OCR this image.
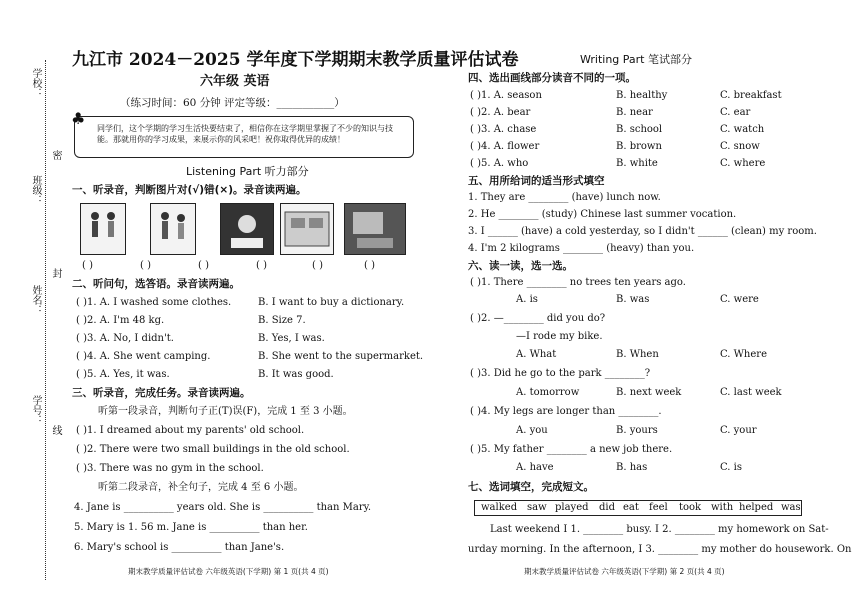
学校：
班级：
姓名：
学号：
密
封
线
九江市 2024－2025 学年度下学期期末教学质量评估试卷
六年级 英语
（练习时间：60 分钟 评定等级：___________）
♣
同学们，这个学期的学习生活快要结束了，相信你在这学期里掌握了不少的知识与技能。那就用你的学习成果，来展示你的风采吧！祝你取得优异的成绩！
Listening Part 听力部分
一、听录音，判断图片对(√)错(×)。录音读两遍。
( )	( )	( )	( )	( )	( )
二、听问句，选答语。录音读两遍。
( )1. A. I washed some clothes.	B. I want to buy a dictionary.
( )2. A. I'm 48 kg.	B. Size 7.
( )3. A. No, I didn't.	B. Yes, I was.
( )4. A. She went camping.	B. She went to the supermarket.
( )5. A. Yes, it was.	B. It was good.
三、听录音，完成任务。录音读两遍。
听第一段录音，判断句子正(T)误(F)，完成 1 至 3 小题。
( )1. I dreamed about my parents' old school.
( )2. There were two small buildings in the old school.
( )3. There was no gym in the school.
听第二段录音，补全句子，完成 4 至 6 小题。
4. Jane is __________ years old. She is __________ than Mary.
5. Mary is 1. 56 m. Jane is __________ than her.
6. Mary's school is __________ than Jane's.
期末教学质量评估试卷 六年级英语(下学期) 第 1 页(共 4 页)
Writing Part 笔试部分
四、选出画线部分读音不同的一项。
( )1. A. season	B. healthy	C. breakfast
( )2. A. bear	B. near	C. ear
( )3. A. chase	B. school	C. watch
( )4. A. flower	B. brown	C. snow
( )5. A. who	B. white	C. where
五、用所给词的适当形式填空
1. They are ________ (have) lunch now.
2. He ________ (study) Chinese last summer vocation.
3. I ______ (have) a cold yesterday, so I didn't ______ (clean) my room.
4. I'm 2 kilograms ________ (heavy) than you.
六、读一读，选一选。
( )1. There ________ no trees ten years ago.
A. is	B. was	C. were
( )2. —________ did you do?
—I rode my bike.
A. What	B. When	C. Where
( )3. Did he go to the park ________?
A. tomorrow	B. next week	C. last week
( )4. My legs are longer than ________.
A. you	B. yours	C. your
( )5. My father ________ a new job there.
A. have	B. has	C. is
七、选词填空，完成短文。
walked saw played did eat feel took with helped was
Last weekend I 1. ________ busy. I 2. ________ my homework on Sat-
urday morning. In the afternoon, I 3. ________ my mother do housework. On
期末教学质量评估试卷 六年级英语(下学期) 第 2 页(共 4 页)
